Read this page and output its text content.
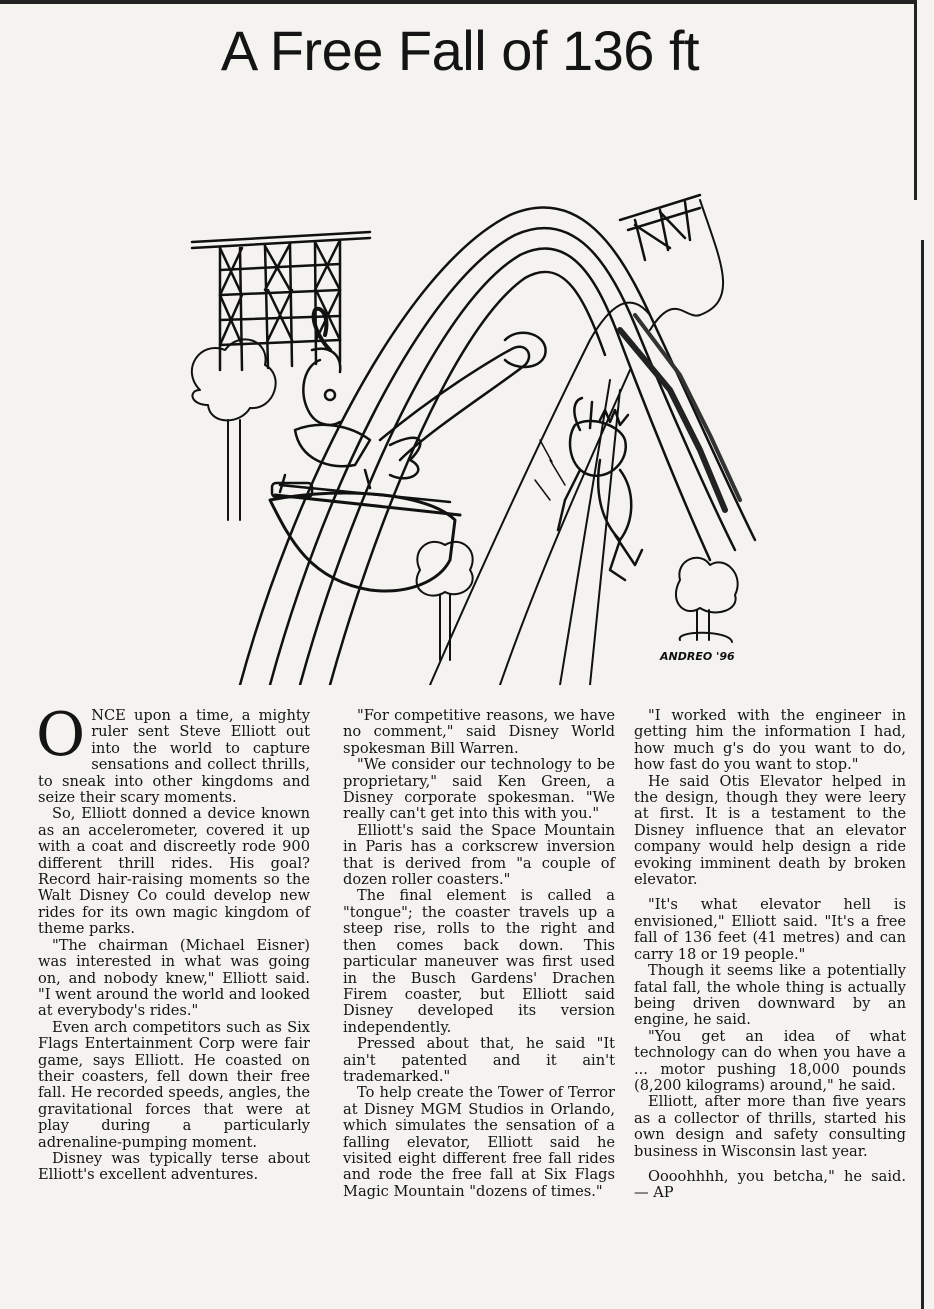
A Free Fall of 136 ft
ANDREO '96

ONCE upon a time, a mighty ruler sent Steve Elliott out into the world to capture sensations and collect thrills, to sneak into other kingdoms and seize their scary moments.

So, Elliott donned a device known as an accelerometer, covered it up with a coat and discreetly rode 900 different thrill rides. His goal? Record hair-raising moments so the Walt Disney Co could develop new rides for its own magic kingdom of theme parks.

"The chairman (Michael Eisner) was interested in what was going on, and nobody knew," Elliott said. "I went around the world and looked at everybody's rides."

Even arch competitors such as Six Flags Entertainment Corp were fair game, says Elliott. He coasted on their coasters, fell down their free fall. He recorded speeds, angles, the gravitational forces that were at play during a particularly adrenaline-pumping moment.

Disney was typically terse about Elliott's excellent adventures.

"For competitive reasons, we have no comment," said Disney World spokesman Bill Warren.

"We consider our technology to be proprietary," said Ken Green, a Disney corporate spokesman. "We really can't get into this with you."

Elliott's said the Space Mountain in Paris has a corkscrew inversion that is derived from "a couple of dozen roller coasters."

The final element is called a "tongue"; the coaster travels up a steep rise, rolls to the right and then comes back down. This particular maneuver was first used in the Busch Gardens' Drachen Firem coaster, but Elliott said Disney developed its version independently.

Pressed about that, he said "It ain't patented and it ain't trademarked."

To help create the Tower of Terror at Disney MGM Studios in Orlando, which simulates the sensation of a falling elevator, Elliott said he visited eight different free fall rides and rode the free fall at Six Flags Magic Mountain "dozens of times."

"I worked with the engineer in getting him the information I had, how much g's do you want to do, how fast do you want to stop."

He said Otis Elevator helped in the design, though they were leery at first. It is a testament to the Disney influence that an elevator company would help design a ride evoking imminent death by broken elevator.

"It's what elevator hell is envisioned," Elliott said. "It's a free fall of 136 feet (41 metres) and can carry 18 or 19 people."

Though it seems like a potentially fatal fall, the whole thing is actually being driven downward by an engine, he said.

"You get an idea of what technology can do when you have a ... motor pushing 18,000 pounds (8,200 kilograms) around," he said.

Elliott, after more than five years as a collector of thrills, started his own design and safety consulting business in Wisconsin last year.

Oooohhhh, you betcha," he said. — AP
